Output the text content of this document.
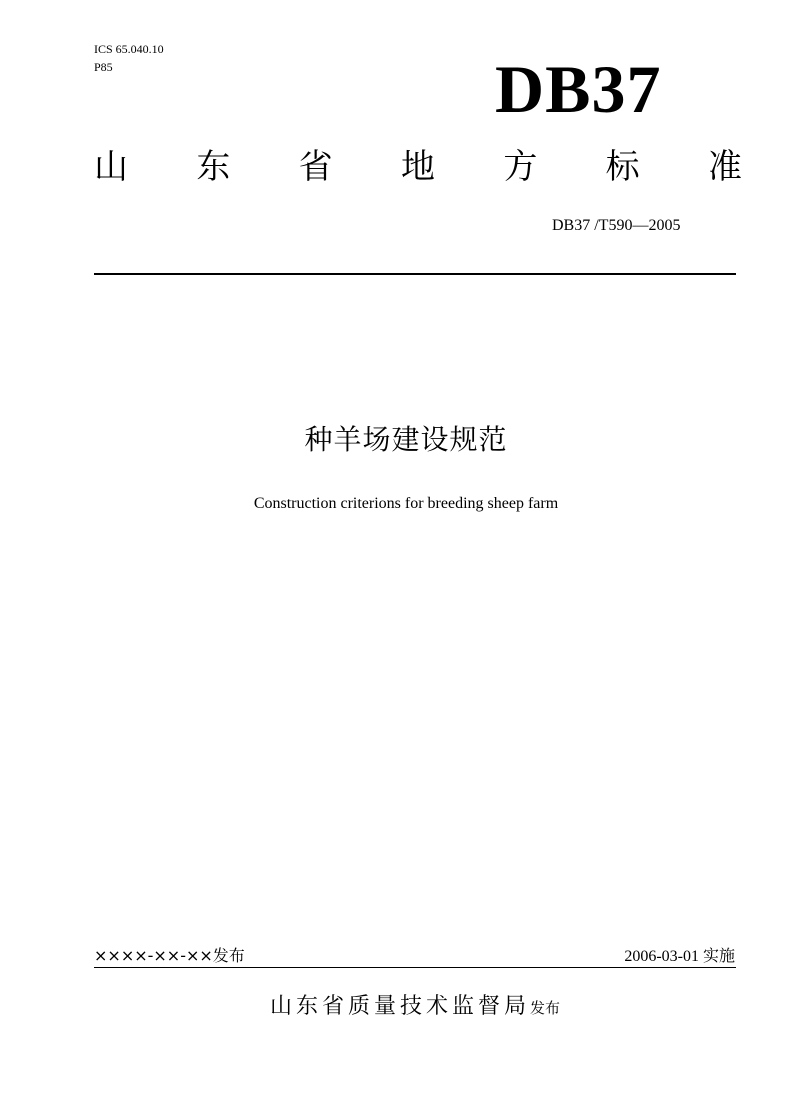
ICS 65.040.10
P85	DB37
山 东 省 地 方 标 准
DB37 /T590—2005
种羊场建设规范
Construction criterions for breeding sheep farm
××××-××-××发布	2006-03-01 实施
山东省质量技术监督局发布
